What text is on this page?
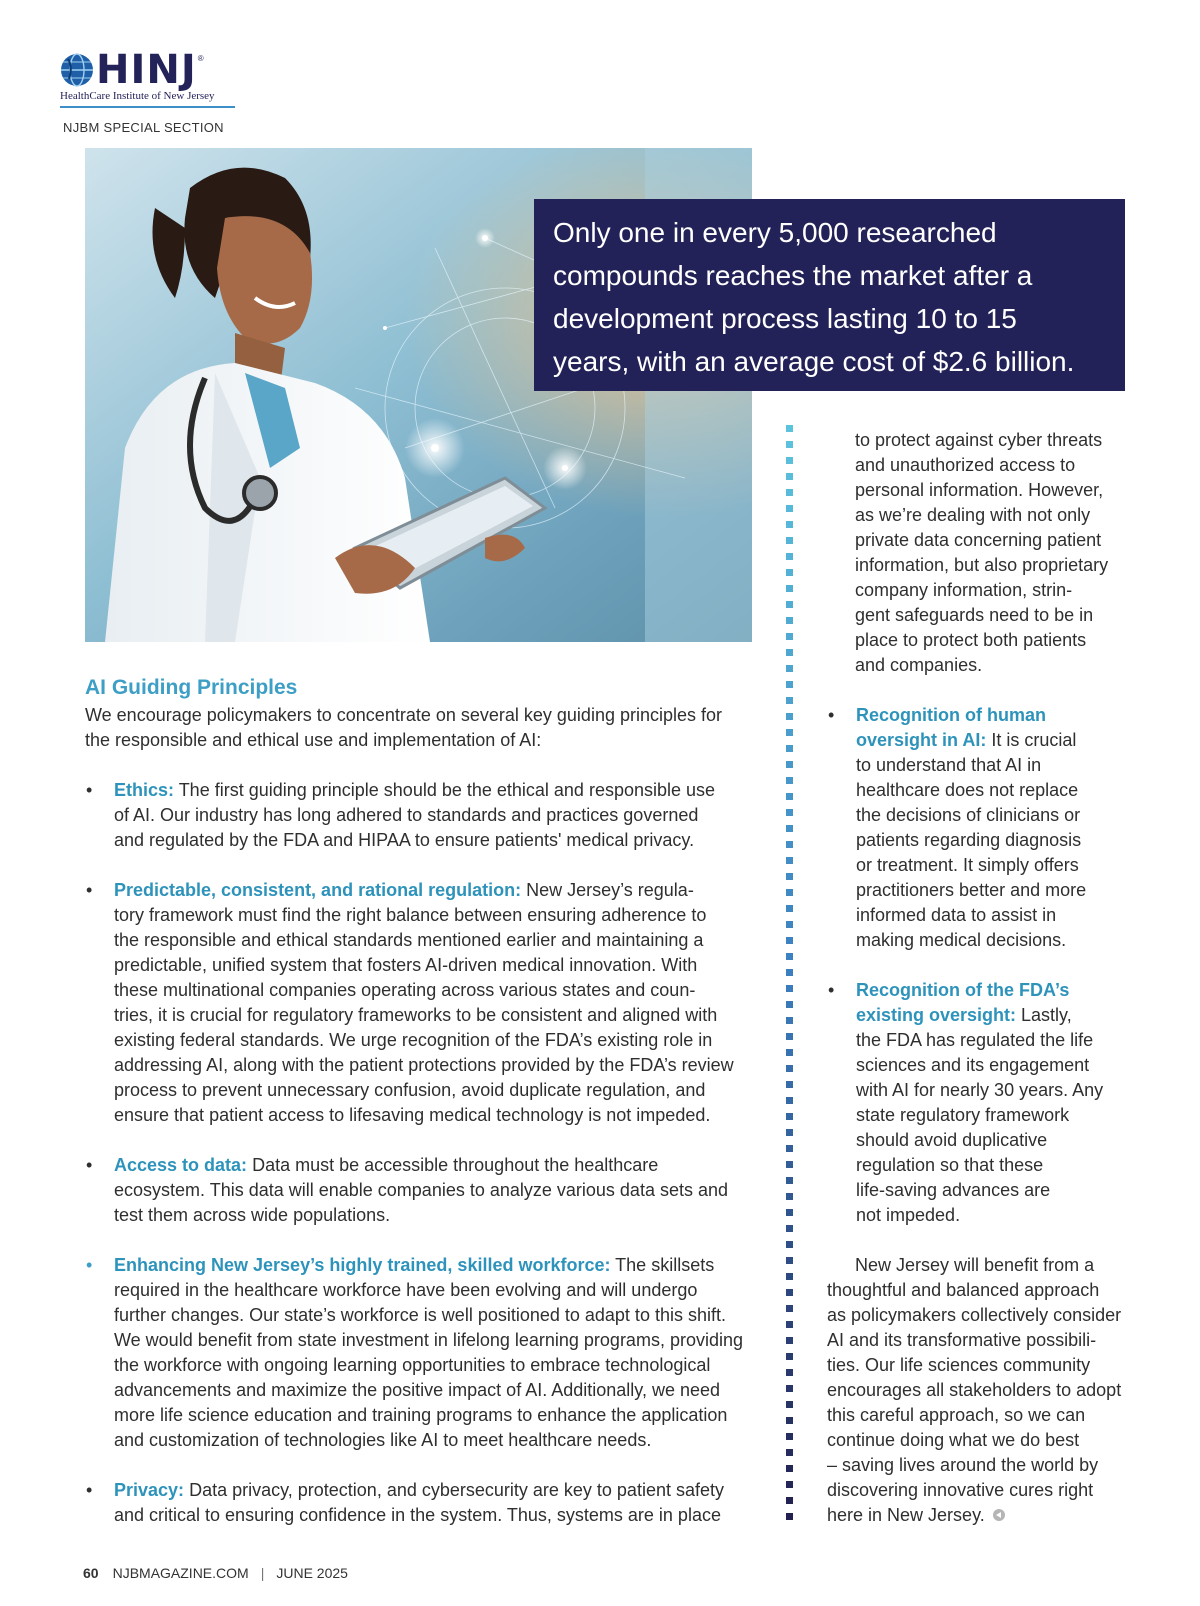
HINJ ®
HealthCare Institute of New Jersey
NJBM SPECIAL SECTION
Only one in every 5,000 researched
compounds reaches the market after a
development process lasting 10 to 15
years, with an average cost of $2.6 billion.
AI Guiding Principles
We encourage policymakers to concentrate on several key guiding principles for
the responsible and ethical use and implementation of AI:
• Ethics: The first guiding principle should be the ethical and responsible use
of AI. Our industry has long adhered to standards and practices governed
and regulated by the FDA and HIPAA to ensure patients' medical privacy.
• Predictable, consistent, and rational regulation: New Jersey’s regula-
tory framework must find the right balance between ensuring adherence to
the responsible and ethical standards mentioned earlier and maintaining a
predictable, unified system that fosters AI-driven medical innovation. With
these multinational companies operating across various states and coun-
tries, it is crucial for regulatory frameworks to be consistent and aligned with
existing federal standards. We urge recognition of the FDA’s existing role in
addressing AI, along with the patient protections provided by the FDA’s review
process to prevent unnecessary confusion, avoid duplicate regulation, and
ensure that patient access to lifesaving medical technology is not impeded.
• Access to data: Data must be accessible throughout the healthcare
ecosystem. This data will enable companies to analyze various data sets and
test them across wide populations.
• Enhancing New Jersey’s highly trained, skilled workforce: The skillsets
required in the healthcare workforce have been evolving and will undergo
further changes. Our state’s workforce is well positioned to adapt to this shift.
We would benefit from state investment in lifelong learning programs, providing
the workforce with ongoing learning opportunities to embrace technological
advancements and maximize the positive impact of AI. Additionally, we need
more life science education and training programs to enhance the application
and customization of technologies like AI to meet healthcare needs.
• Privacy: Data privacy, protection, and cybersecurity are key to patient safety
and critical to ensuring confidence in the system. Thus, systems are in place
to protect against cyber threats
and unauthorized access to
personal information. However,
as we’re dealing with not only
private data concerning patient
information, but also proprietary
company information, strin-
gent safeguards need to be in
place to protect both patients
and companies.
• Recognition of human
oversight in AI: It is crucial
to understand that AI in
healthcare does not replace
the decisions of clinicians or
patients regarding diagnosis
or treatment. It simply offers
practitioners better and more
informed data to assist in
making medical decisions.
• Recognition of the FDA’s
existing oversight: Lastly,
the FDA has regulated the life
sciences and its engagement
with AI for nearly 30 years. Any
state regulatory framework
should avoid duplicative
regulation so that these
life-saving advances are
not impeded.
New Jersey will benefit from a
thoughtful and balanced approach
as policymakers collectively consider
AI and its transformative possibili-
ties. Our life sciences community
encourages all stakeholders to adopt
this careful approach, so we can
continue doing what we do best
– saving lives around the world by
discovering innovative cures right
here in New Jersey.
60 NJBMAGAZINE.COM | JUNE 2025
